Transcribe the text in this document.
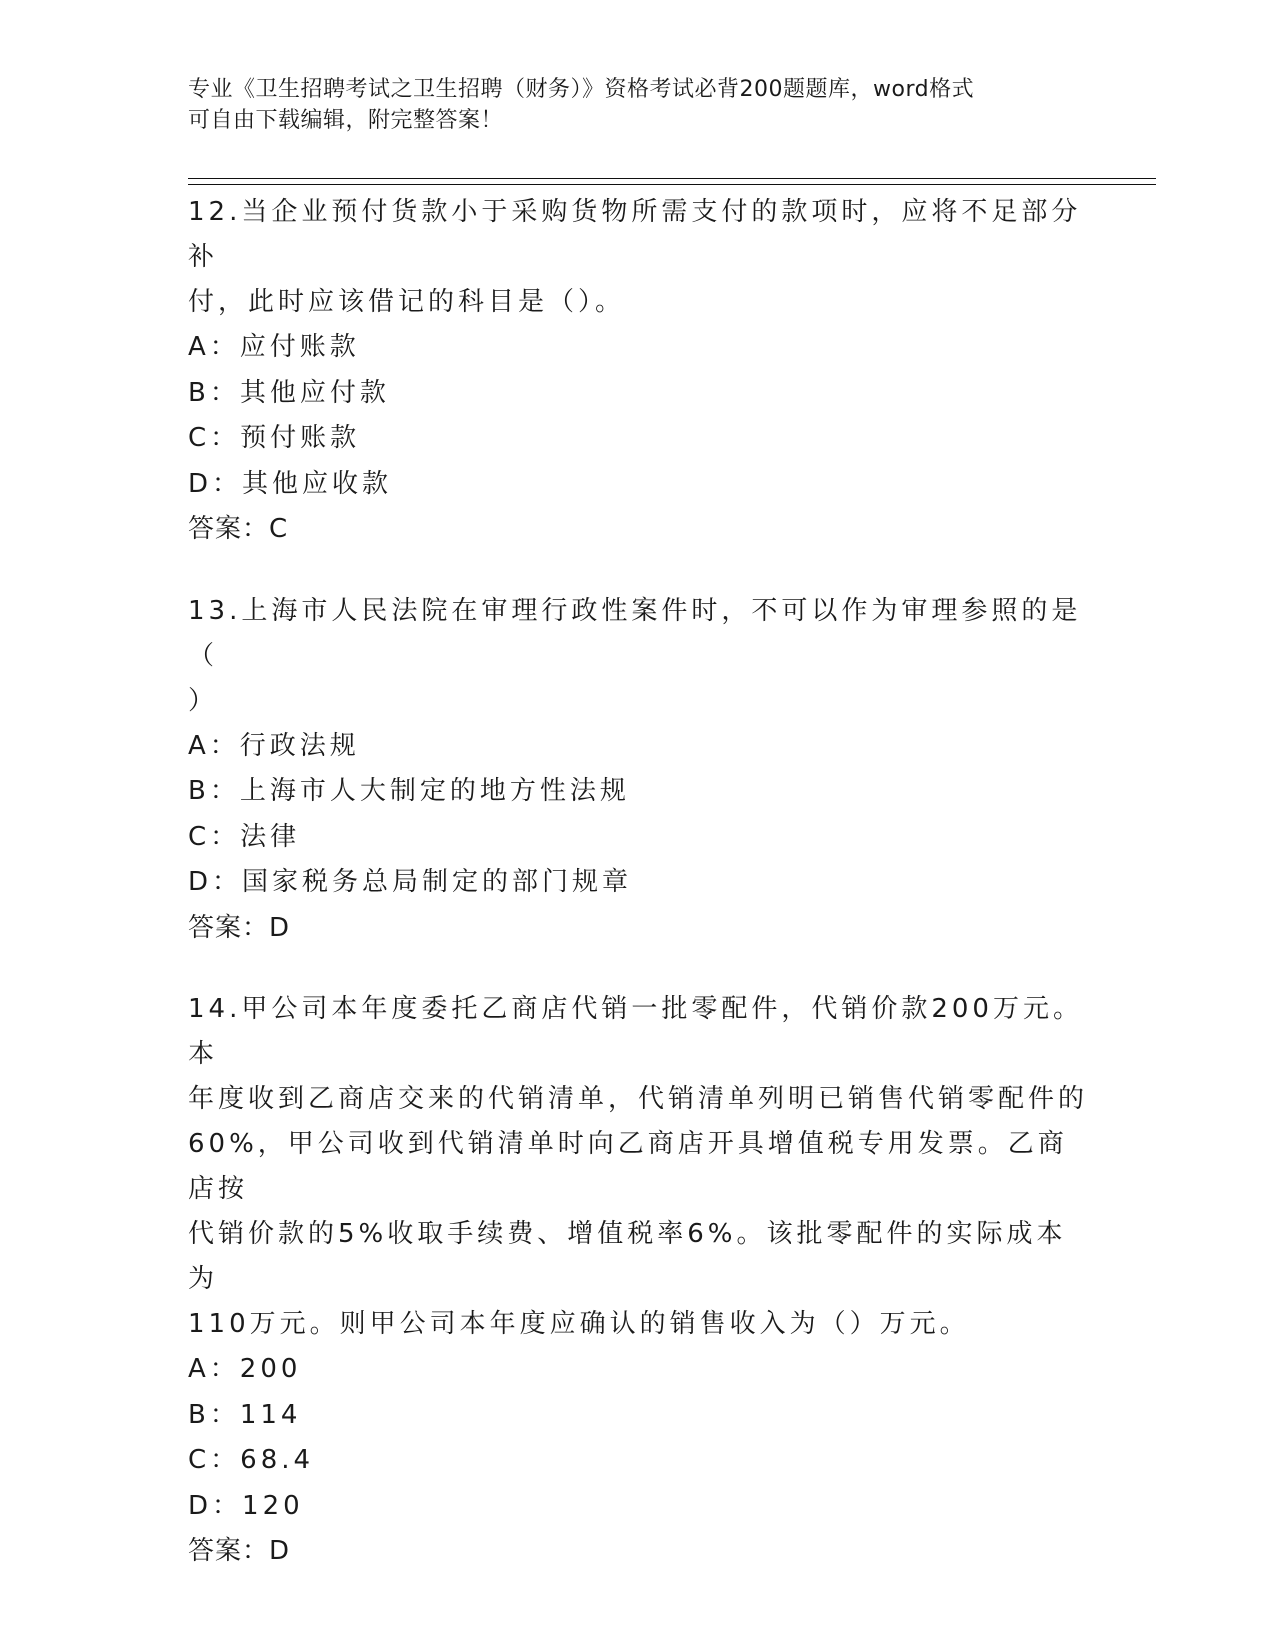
专业《卫生招聘考试之卫生招聘（财务）》资格考试必背200题题库，word格式
可自由下载编辑，附完整答案！

12.当企业预付货款小于采购货物所需支付的款项时，应将不足部分补

付，此时应该借记的科目是（）。

A：应付账款

B：其他应付款

C：预付账款

D：其他应收款

答案：C

13.上海市人民法院在审理行政性案件时，不可以作为审理参照的是（

）

A：行政法规

B：上海市人大制定的地方性法规

C：法律

D：国家税务总局制定的部门规章

答案：D

14.甲公司本年度委托乙商店代销一批零配件，代销价款200万元。本

年度收到乙商店交来的代销清单，代销清单列明已销售代销零配件的

60%，甲公司收到代销清单时向乙商店开具增值税专用发票。乙商店按

代销价款的5%收取手续费、增值税率6%。该批零配件的实际成本为

110万元。则甲公司本年度应确认的销售收入为（）万元。

A：200

B：114

C：68.4

D：120

答案：D
